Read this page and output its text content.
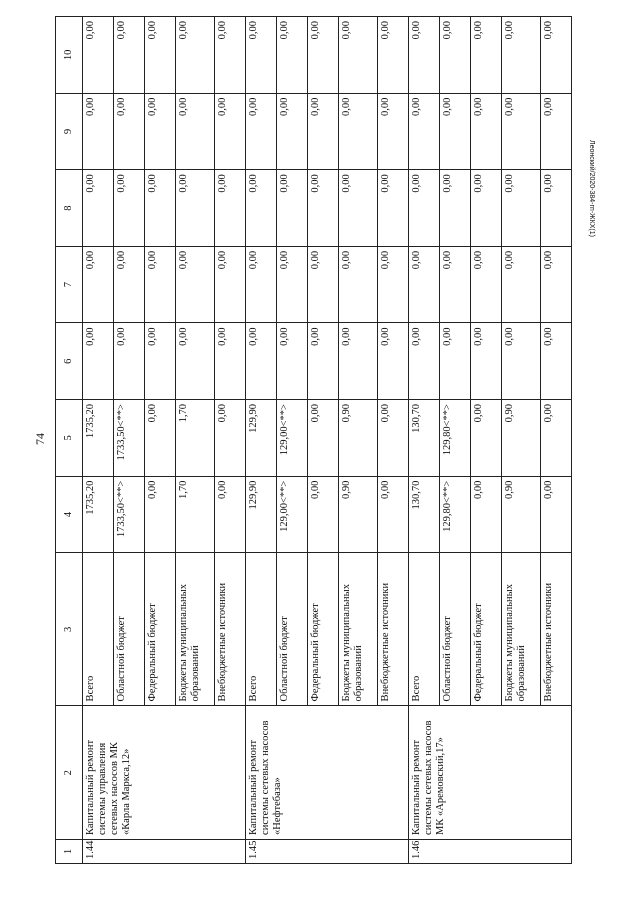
74
Леонский/2020-384-гп-ЖКХ(1)
1	2	3	4	5	6	7	8	9	10
1.44	Капитальный ремонт системы управления сетевых насосов МК «Карла Маркса,12»	Всего	1735,20	1735,20	0,00	0,00	0,00	0,00	0,00
		Областной бюджет	1733,50<**>	1733,50<**>	0,00	0,00	0,00	0,00	0,00
		Федеральный бюджет	0,00	0,00	0,00	0,00	0,00	0,00	0,00
		Бюджеты муниципальных образований	1,70	1,70	0,00	0,00	0,00	0,00	0,00
		Внебюджетные источники	0,00	0,00	0,00	0,00	0,00	0,00	0,00
1.45	Капитальный ремонт системы сетевых насосов «Нефтебаза»	Всего	129,90	129,90	0,00	0,00	0,00	0,00	0,00
		Областной бюджет	129,00<**>	129,00<**>	0,00	0,00	0,00	0,00	0,00
		Федеральный бюджет	0,00	0,00	0,00	0,00	0,00	0,00	0,00
		Бюджеты муниципальных образований	0,90	0,90	0,00	0,00	0,00	0,00	0,00
		Внебюджетные источники	0,00	0,00	0,00	0,00	0,00	0,00	0,00
1.46	Капитальный ремонт системы сетевых насосов МК «Аремовский,17»	Всего	130,70	130,70	0,00	0,00	0,00	0,00	0,00
		Областной бюджет	129,80<**>	129,80<**>	0,00	0,00	0,00	0,00	0,00
		Федеральный бюджет	0,00	0,00	0,00	0,00	0,00	0,00	0,00
		Бюджеты муниципальных образований	0,90	0,90	0,00	0,00	0,00	0,00	0,00
		Внебюджетные источники	0,00	0,00	0,00	0,00	0,00	0,00	0,00
